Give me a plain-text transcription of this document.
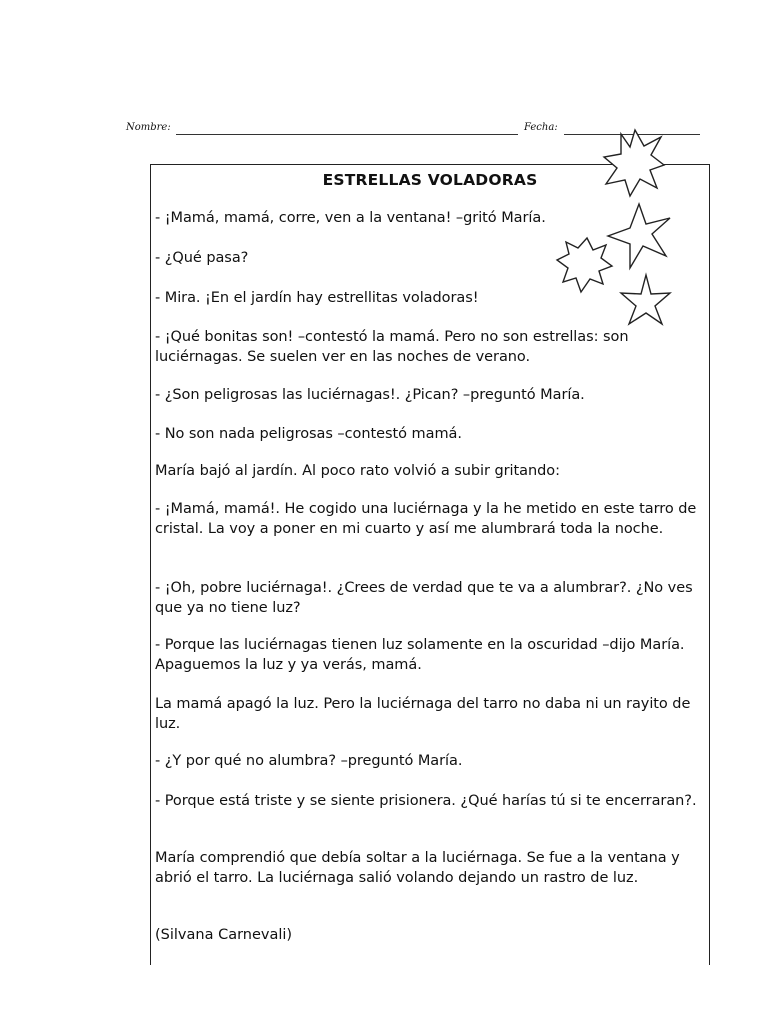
Nombre:	Fecha:
ESTRELLAS VOLADORAS

- ¡Mamá, mamá, corre, ven a la ventana! –gritó María.

- ¿Qué pasa?

- Mira. ¡En el jardín hay estrellitas voladoras!

- ¡Qué bonitas son! –contestó la mamá. Pero no son estrellas: son luciérnagas. Se suelen ver en las noches de verano.

- ¿Son peligrosas las luciérnagas!. ¿Pican? –preguntó María.

- No son nada peligrosas –contestó mamá.

María bajó al jardín. Al poco rato volvió a subir gritando:

- ¡Mamá, mamá!. He cogido una luciérnaga y la he metido en este tarro de cristal. La voy a poner en mi cuarto y así me alumbrará toda la noche.

- ¡Oh, pobre luciérnaga!. ¿Crees de verdad que te va a alumbrar?. ¿No ves que ya no tiene luz?

- Porque las luciérnagas tienen luz solamente en la oscuridad –dijo María. Apaguemos la luz y ya verás, mamá.

La mamá apagó la luz. Pero la luciérnaga del tarro no daba ni un rayito de luz.

- ¿Y por qué no alumbra? –preguntó María.

- Porque está triste y se siente prisionera. ¿Qué harías tú si te encerraran?.

María comprendió que debía soltar a la luciérnaga. Se fue a la ventana y abrió el tarro. La luciérnaga salió volando dejando un rastro de luz.

(Silvana Carnevali)
